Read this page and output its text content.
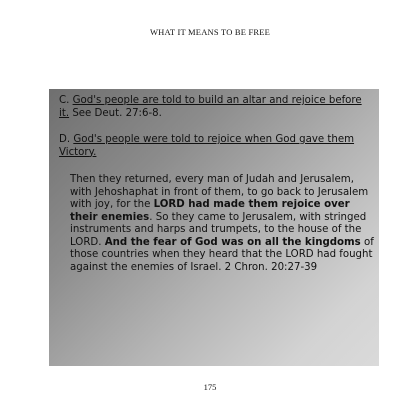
WHAT IT MEANS TO BE FREE
C. God's people are told to build an altar and rejoice before it. See Deut. 27:6-8.
D. God's people were told to rejoice when God gave them Victory.
Then they returned, every man of Judah and Jerusalem, with Jehoshaphat in front of them, to go back to Jerusalem with joy, for the LORD had made them rejoice over their enemies. So they came to Jerusalem, with stringed instruments and harps and trumpets, to the house of the LORD. And the fear of God was on all the kingdoms of those countries when they heard that the LORD had fought against the enemies of Israel. 2 Chron. 20:27-39
175
